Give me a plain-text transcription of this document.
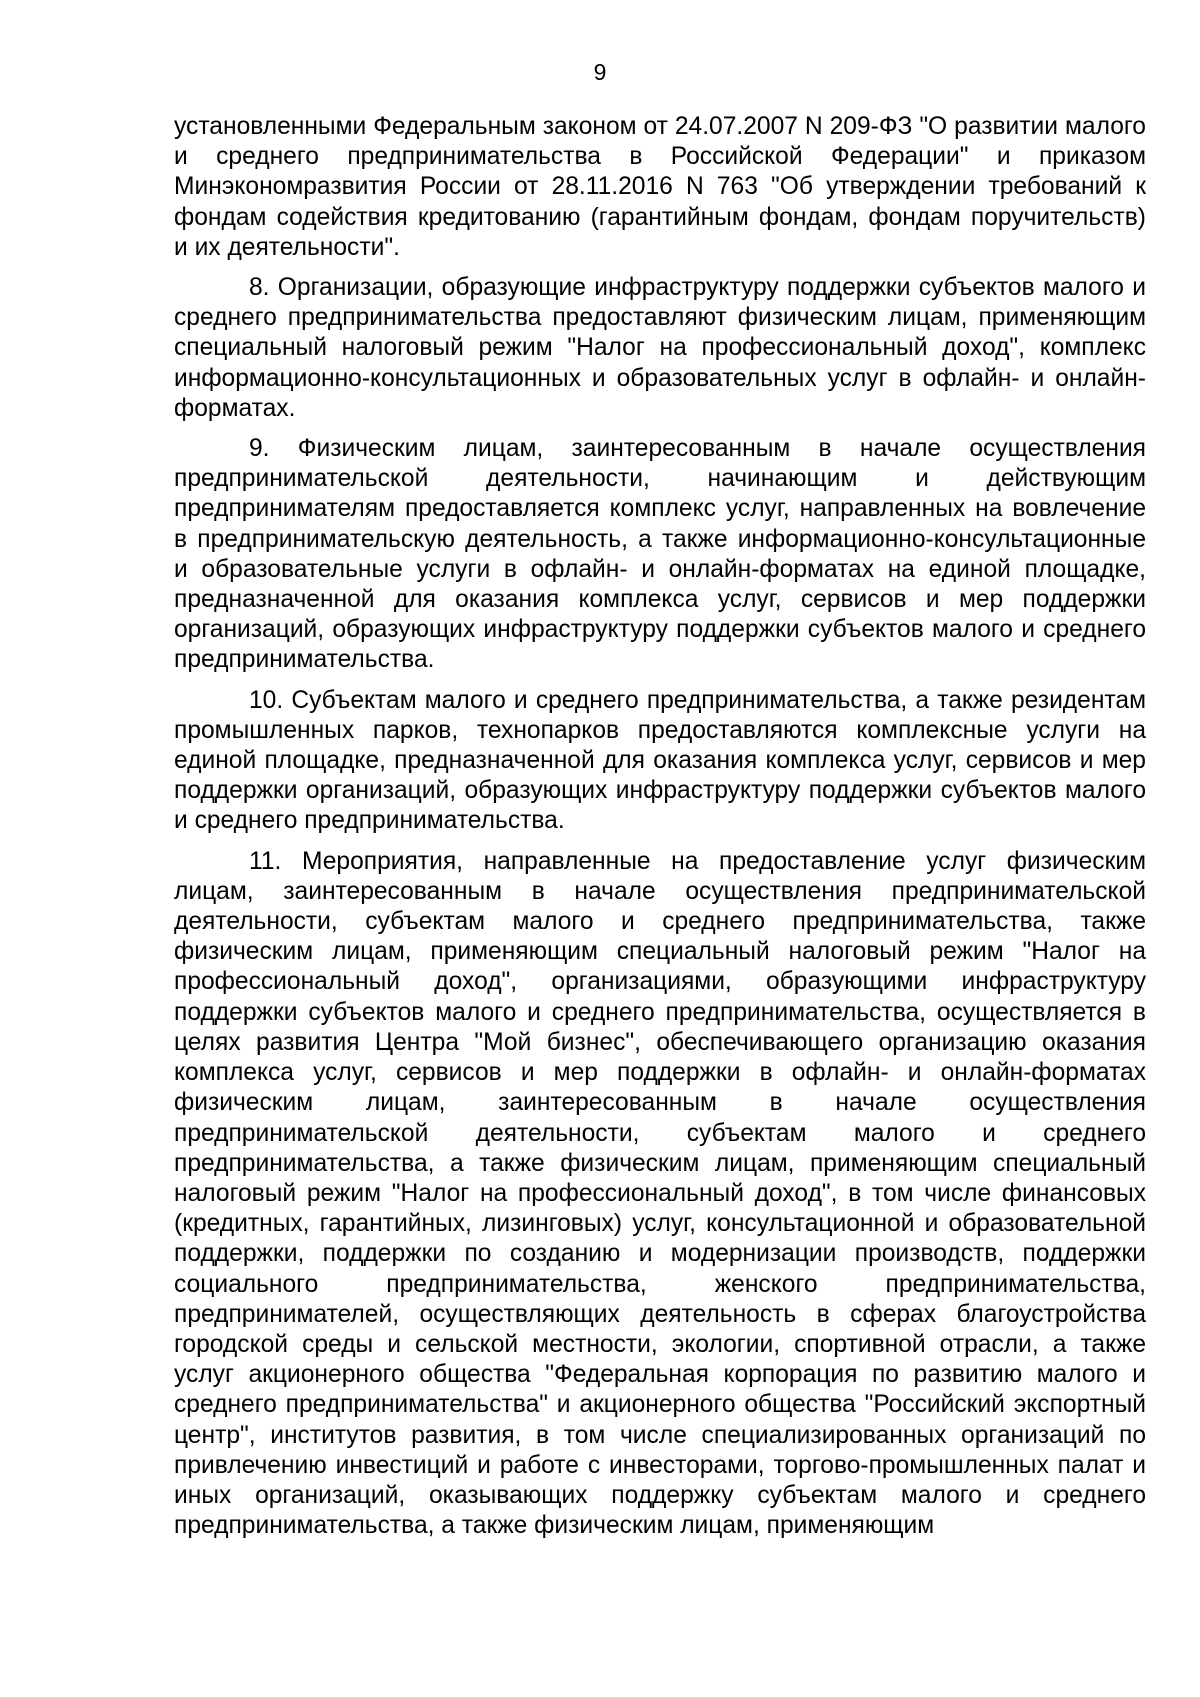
9

установленными Федеральным законом от 24.07.2007 N 209-ФЗ "О развитии малого и среднего предпринимательства в Российской Федерации" и приказом Минэкономразвития России от 28.11.2016 N 763 "Об утверждении требований к фондам содействия кредитованию (гарантийным фондам, фондам поручительств) и их деятельности".

8. Организации, образующие инфраструктуру поддержки субъектов малого и среднего предпринимательства предоставляют физическим лицам, применяющим специальный налоговый режим "Налог на профессиональный доход", комплекс информационно-консультационных и образовательных услуг в офлайн- и онлайн-форматах.

9. Физическим лицам, заинтересованным в начале осуществления предпринимательской деятельности, начинающим и действующим предпринимателям предоставляется комплекс услуг, направленных на вовлечение в предпринимательскую деятельность, а также информационно-консультационные и образовательные услуги в офлайн- и онлайн-форматах на единой площадке, предназначенной для оказания комплекса услуг, сервисов и мер поддержки организаций, образующих инфраструктуру поддержки субъектов малого и среднего предпринимательства.

10. Субъектам малого и среднего предпринимательства, а также резидентам промышленных парков, технопарков предоставляются комплексные услуги на единой площадке, предназначенной для оказания комплекса услуг, сервисов и мер поддержки организаций, образующих инфраструктуру поддержки субъектов малого и среднего предпринимательства.

11. Мероприятия, направленные на предоставление услуг физическим лицам, заинтересованным в начале осуществления предпринимательской деятельности, субъектам малого и среднего предпринимательства, также физическим лицам, применяющим специальный налоговый режим "Налог на профессиональный доход", организациями, образующими инфраструктуру поддержки субъектов малого и среднего предпринимательства, осуществляется в целях развития Центра "Мой бизнес", обеспечивающего организацию оказания комплекса услуг, сервисов и мер поддержки в офлайн- и онлайн-форматах физическим лицам, заинтересованным в начале осуществления предпринимательской деятельности, субъектам малого и среднего предпринимательства, а также физическим лицам, применяющим специальный налоговый режим "Налог на профессиональный доход", в том числе финансовых (кредитных, гарантийных, лизинговых) услуг, консультационной и образовательной поддержки, поддержки по созданию и модернизации производств, поддержки социального предпринимательства, женского предпринимательства, предпринимателей, осуществляющих деятельность в сферах благоустройства городской среды и сельской местности, экологии, спортивной отрасли, а также услуг акционерного общества "Федеральная корпорация по развитию малого и среднего предпринимательства" и акционерного общества "Российский экспортный центр", институтов развития, в том числе специализированных организаций по привлечению инвестиций и работе с инвесторами, торгово-промышленных палат и иных организаций, оказывающих поддержку субъектам малого и среднего предпринимательства, а также физическим лицам, применяющим
